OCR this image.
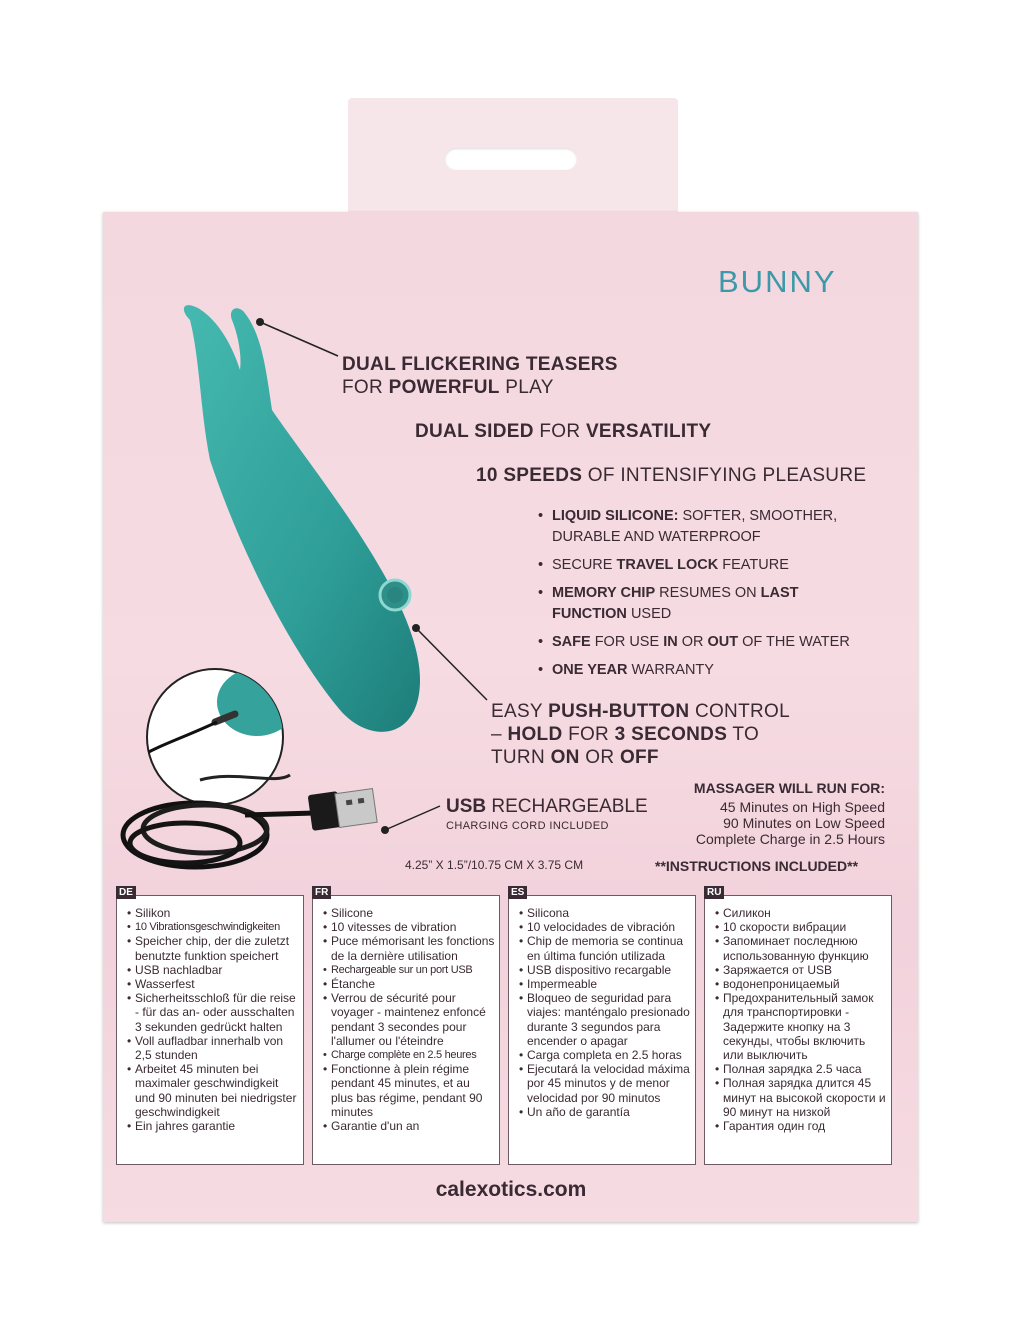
BUNNY
DUAL FLICKERING TEASERS
FOR POWERFUL PLAY
DUAL SIDED FOR VERSATILITY
10 SPEEDS OF INTENSIFYING PLEASURE
• LIQUID SILICONE: SOFTER, SMOOTHER, DURABLE AND WATERPROOF
• SECURE TRAVEL LOCK FEATURE
• MEMORY CHIP RESUMES ON LAST FUNCTION USED
• SAFE FOR USE IN OR OUT OF THE WATER
• ONE YEAR WARRANTY
EASY PUSH-BUTTON CONTROL
– HOLD FOR 3 SECONDS TO
TURN ON OR OFF
MASSAGER WILL RUN FOR:
45 Minutes on High Speed
90 Minutes on Low Speed
Complete Charge in 2.5 Hours
USB RECHARGEABLE
CHARGING CORD INCLUDED
4.25” X 1.5”/10.75 CM X 3.75 CM	**INSTRUCTIONS INCLUDED**
DE
• Silikon
• 10 Vibrationsgeschwindigkeiten
• Speicher chip, der die zuletzt benutzte funktion speichert
• USB nachladbar
• Wasserfest
• Sicherheitsschloß für die reise - für das an- oder ausschalten 3 sekunden gedrückt halten
• Voll aufladbar innerhalb von 2,5 stunden
• Arbeitet 45 minuten bei maximaler geschwindigkeit und 90 minuten bei niedrigster geschwindigkeit
• Ein jahres garantie
FR
• Silicone
• 10 vitesses de vibration
• Puce mémorisant les fonctions de la dernière utilisation
• Rechargeable sur un port USB
• Étanche
• Verrou de sécurité pour voyager - maintenez enfoncé pendant 3 secondes pour l'allumer ou l'éteindre
• Charge complète en 2.5 heures
• Fonctionne à plein régime pendant 45 minutes, et au plus bas régime, pendant 90 minutes
• Garantie d'un an
ES
• Silicona
• 10 velocidades de vibración
• Chip de memoria se continua en última función utilizada
• USB dispositivo recargable
• Impermeable
• Bloqueo de seguridad para viajes: manténgalo presionado durante 3 segundos para encender o apagar
• Carga completa en 2.5 horas
• Ejecutará la velocidad máxima por 45 minutos y de menor velocidad por 90 minutos
• Un año de garantía
RU
• Силикон
• 10 скорости вибрации
• Запоминает последнюю использованную функцию
• Заряжается от USB
• водонепроницаемый
• Предохранительный замок для транспортировки - Задержите кнопку на 3 секунды, чтобы включить или выключить
• Полная зарядка 2.5 часа
• Полная зарядка длится 45 минут на высокой скорости и 90 минут на низкой
• Гарантия один год
calexotics.com
